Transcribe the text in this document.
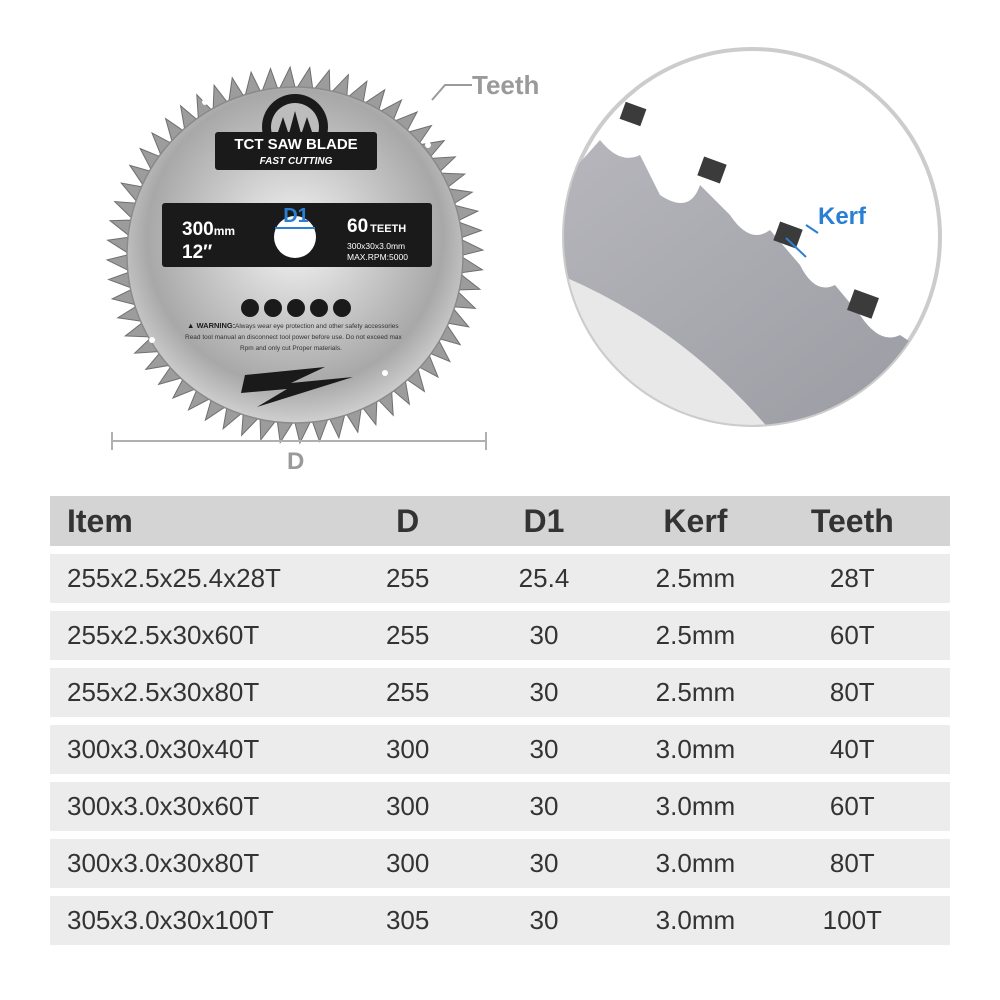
TCT SAW BLADE
FAST CUTTING
D1
300mm
12″
60 TEETH
300x30x3.0mm
MAX.RPM:5000
▲ WARNING: Always wear eye protection and other safety accessories
Read tool manual an disconnect tool power before use. Do not exceed max
Rpm and only cut Proper materials.
Teeth
D
Kerf
Item	D	D1	Kerf	Teeth
255x2.5x25.4x28T	255	25.4	2.5mm	28T
255x2.5x30x60T	255	30	2.5mm	60T
255x2.5x30x80T	255	30	2.5mm	80T
300x3.0x30x40T	300	30	3.0mm	40T
300x3.0x30x60T	300	30	3.0mm	60T
300x3.0x30x80T	300	30	3.0mm	80T
305x3.0x30x100T	305	30	3.0mm	100T
